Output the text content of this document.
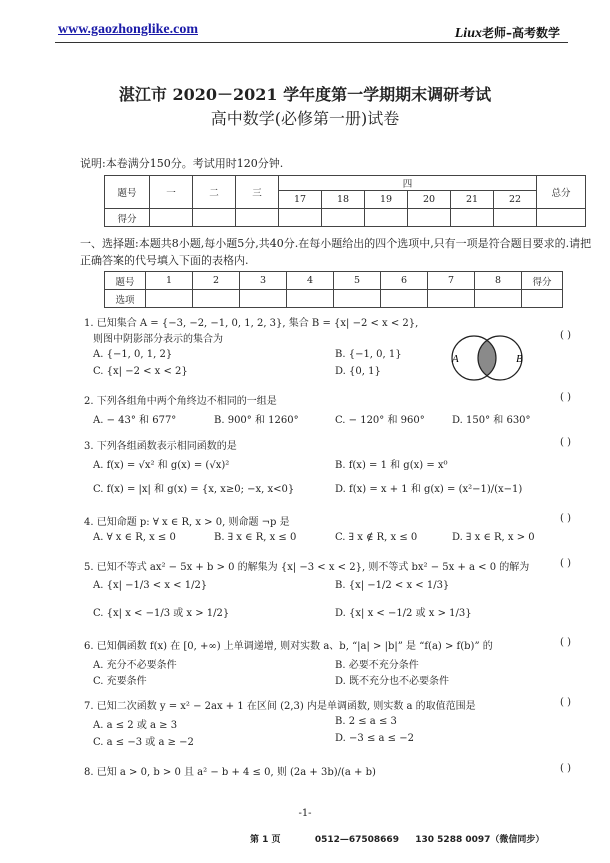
www.gaozhonglike.com	Liux老师–高考数学
湛江市 2020－2021 学年度第一学期期末调研考试
高中数学(必修第一册)试卷
说明:本卷满分150分。考试用时120分钟.
题号	一	二	三	四						总分
				17	18	19	20	21	22	
得分										
一、选择题:本题共8小题,每小题5分,共40分.在每小题给出的四个选项中,只有一项是符合题目要求的.请把正确答案的代号填入下面的表格内.
题号	1	2	3	4	5	6	7	8	得分
选项									
1. 已知集合 A = {−3, −2, −1, 0, 1, 2, 3}, 集合 B = {x| −2 < x < 2},
则图中阴影部分表示的集合为	( )
A. {−1, 0, 1, 2}	B. {−1, 0, 1}
C. {x| −2 < x < 2}	D. {0, 1}
A	B
2. 下列各组角中两个角终边不相同的一组是	( )
A. − 43° 和 677°	B. 900° 和 1260°	C. − 120° 和 960°	D. 150° 和 630°
3. 下列各组函数表示相同函数的是	( )
A. f(x) = √x² 和 g(x) = (√x)²	B. f(x) = 1 和 g(x) = x⁰
C. f(x) = |x| 和 g(x) = {x, x≥0; −x, x<0}	D. f(x) = x + 1 和 g(x) = (x²−1)/(x−1)
4. 已知命题 p: ∀ x ∈ R, x > 0, 则命题 ¬p 是	( )
A. ∀ x ∈ R, x ≤ 0	B. ∃ x ∈ R, x ≤ 0	C. ∃ x ∉ R, x ≤ 0	D. ∃ x ∈ R, x > 0
5. 已知不等式 ax² − 5x + b > 0 的解集为 {x| −3 < x < 2}, 则不等式 bx² − 5x + a < 0 的解为	( )
A. {x| −1/3 < x < 1/2}	B. {x| −1/2 < x < 1/3}
C. {x| x < −1/3 或 x > 1/2}	D. {x| x < −1/2 或 x > 1/3}
6. 已知偶函数 f(x) 在 [0, +∞) 上单调递增, 则对实数 a、b, “|a| > |b|” 是 “f(a) > f(b)” 的	( )
A. 充分不必要条件	B. 必要不充分条件
C. 充要条件	D. 既不充分也不必要条件
7. 已知二次函数 y = x² − 2ax + 1 在区间 (2,3) 内是单调函数, 则实数 a 的取值范围是	( )
A. a ≤ 2 或 a ≥ 3	B. 2 ≤ a ≤ 3
C. a ≤ −3 或 a ≥ −2	D. −3 ≤ a ≤ −2
8. 已知 a > 0, b > 0 且 a² − b + 4 ≤ 0, 则 (2a + 3b)/(a + b)	( )
-1-
第 1 页	0512—67508669 130 5288 0097（微信同步）
